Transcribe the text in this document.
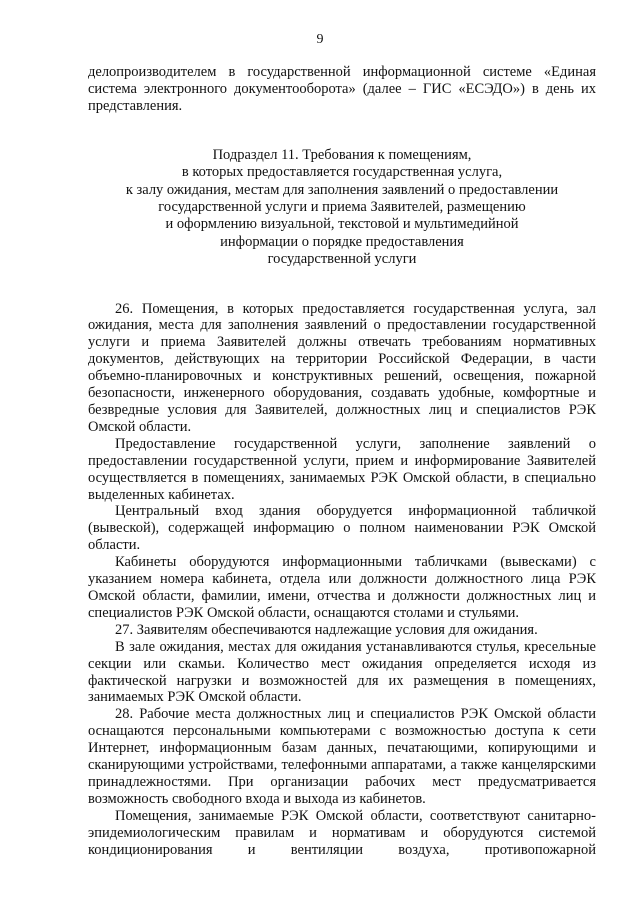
9

делопроизводителем в государственной информационной системе «Единая система электронного документооборота» (далее – ГИС «ЕСЭДО») в день их представления.

Подраздел 11. Требования к помещениям,
в которых предоставляется государственная услуга,
к залу ожидания, местам для заполнения заявлений о предоставлении
государственной услуги и приема Заявителей, размещению
и оформлению визуальной, текстовой и мультимедийной
информации о порядке предоставления
государственной услуги

26. Помещения, в которых предоставляется государственная услуга, зал ожидания, места для заполнения заявлений о предоставлении государственной услуги и приема Заявителей должны отвечать требованиям нормативных документов, действующих на территории Российской Федерации, в части объемно-планировочных и конструктивных решений, освещения, пожарной безопасности, инженерного оборудования, создавать удобные, комфортные и безвредные условия для Заявителей, должностных лиц и специалистов РЭК Омской области.

Предоставление государственной услуги, заполнение заявлений о предоставлении государственной услуги, прием и информирование Заявителей осуществляется в помещениях, занимаемых РЭК Омской области, в специально выделенных кабинетах.

Центральный вход здания оборудуется информационной табличкой (вывеской), содержащей информацию о полном наименовании РЭК Омской области.

Кабинеты оборудуются информационными табличками (вывесками) с указанием номера кабинета, отдела или должности должностного лица РЭК Омской области, фамилии, имени, отчества и должности должностных лиц и специалистов РЭК Омской области, оснащаются столами и стульями.

27. Заявителям обеспечиваются надлежащие условия для ожидания.

В зале ожидания, местах для ожидания устанавливаются стулья, кресельные секции или скамьи. Количество мест ожидания определяется исходя из фактической нагрузки и возможностей для их размещения в помещениях, занимаемых РЭК Омской области.

28. Рабочие места должностных лиц и специалистов РЭК Омской области оснащаются персональными компьютерами с возможностью доступа к сети Интернет, информационным базам данных, печатающими, копирующими и сканирующими устройствами, телефонными аппаратами, а также канцелярскими принадлежностями. При организации рабочих мест предусматривается возможность свободного входа и выхода из кабинетов.

Помещения, занимаемые РЭК Омской области, соответствуют санитарно-эпидемиологическим правилам и нормативам и оборудуются системой кондиционирования и вентиляции воздуха, противопожарной
